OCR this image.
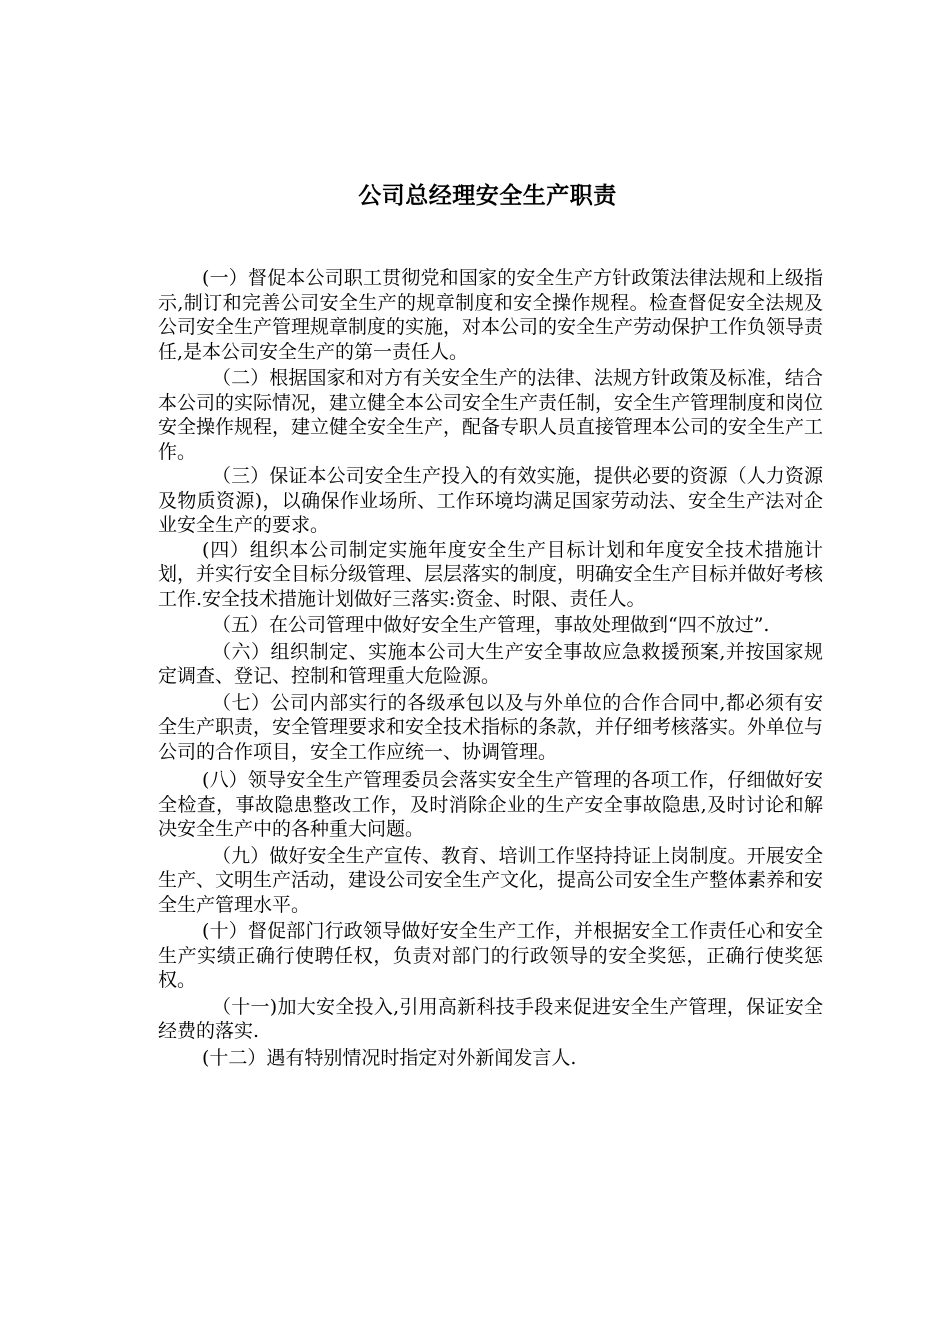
公司总经理安全生产职责

(一）督促本公司职工贯彻党和国家的安全生产方针政策法律法规和上级指示,制订和完善公司安全生产的规章制度和安全操作规程。检查督促安全法规及公司安全生产管理规章制度的实施，对本公司的安全生产劳动保护工作负领导责任,是本公司安全生产的第一责任人。

（二）根据国家和对方有关安全生产的法律、法规方针政策及标准，结合本公司的实际情况，建立健全本公司安全生产责任制，安全生产管理制度和岗位安全操作规程，建立健全安全生产，配备专职人员直接管理本公司的安全生产工作。

（三）保证本公司安全生产投入的有效实施，提供必要的资源（人力资源及物质资源)，以确保作业场所、工作环境均满足国家劳动法、安全生产法对企业安全生产的要求。

(四）组织本公司制定实施年度安全生产目标计划和年度安全技术措施计划，并实行安全目标分级管理、层层落实的制度，明确安全生产目标并做好考核工作.安全技术措施计划做好三落实:资金、时限、责任人。

（五）在公司管理中做好安全生产管理，事故处理做到“四不放过”.

（六）组织制定、实施本公司大生产安全事故应急救援预案,并按国家规定调查、登记、控制和管理重大危险源。

（七）公司内部实行的各级承包以及与外单位的合作合同中,都必须有安全生产职责，安全管理要求和安全技术指标的条款，并仔细考核落实。外单位与公司的合作项目，安全工作应统一、协调管理。

(八）领导安全生产管理委员会落实安全生产管理的各项工作，仔细做好安全检查，事故隐患整改工作，及时消除企业的生产安全事故隐患,及时讨论和解决安全生产中的各种重大问题。

（九）做好安全生产宣传、教育、培训工作坚持持证上岗制度。开展安全生产、文明生产活动，建设公司安全生产文化，提高公司安全生产整体素养和安全生产管理水平。

(十）督促部门行政领导做好安全生产工作，并根据安全工作责任心和安全生产实绩正确行使聘任权，负责对部门的行政领导的安全奖惩，正确行使奖惩权。

（十一)加大安全投入,引用高新科技手段来促进安全生产管理，保证安全经费的落实.

(十二）遇有特别情况时指定对外新闻发言人.
